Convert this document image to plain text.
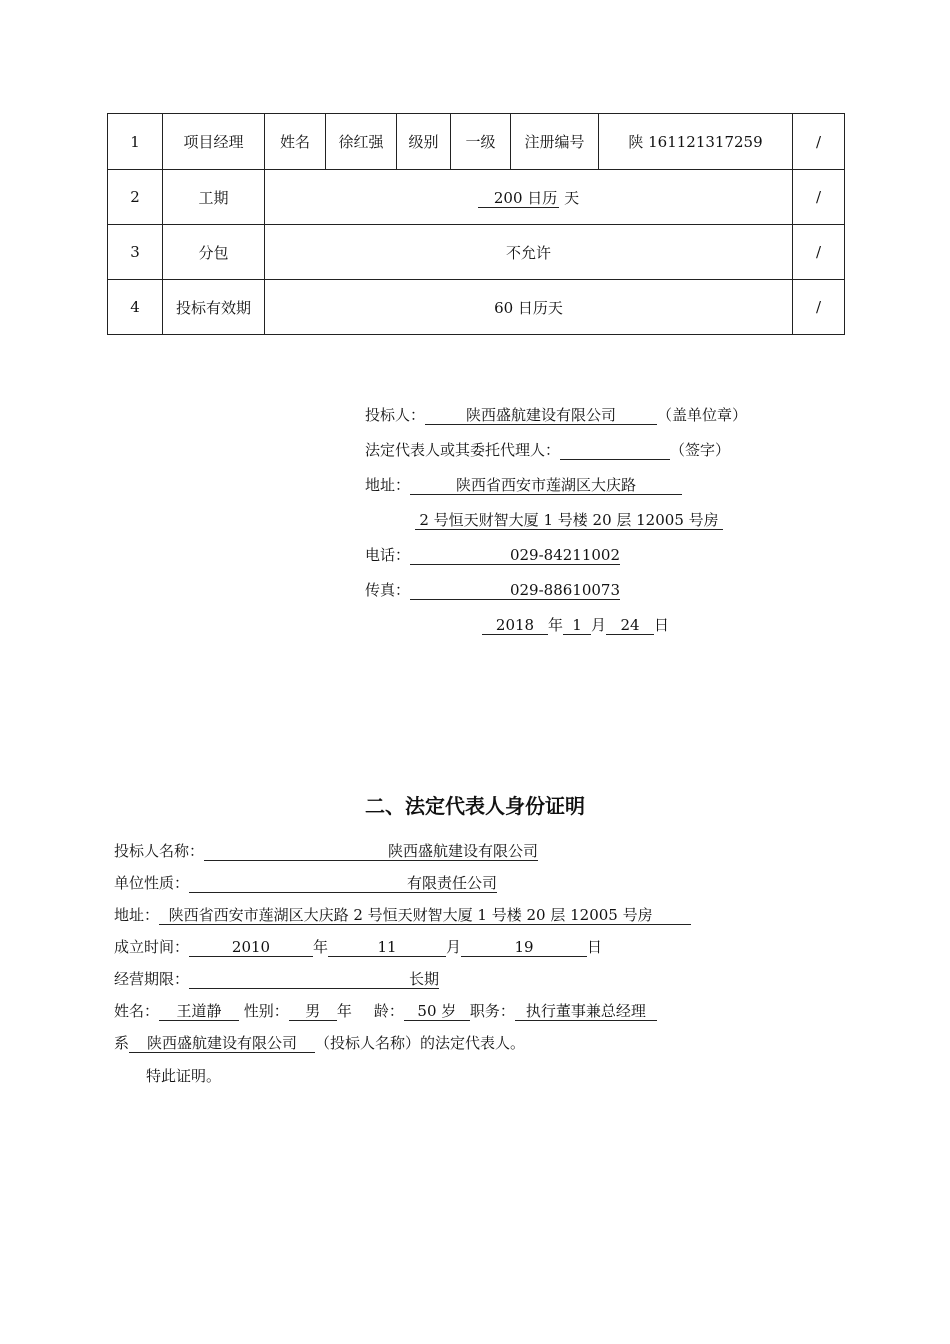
1	项目经理	姓名	徐红强	级别	一级	注册编号	陕 161121317259	/
2	工期	200 日历 天						/
3	分包	不允许						/
4	投标有效期	60 日历天						/
投标人：	陕西盛航建设有限公司	（盖单位章）
法定代表人或其委托代理人：	（签字）
地址：	陕西省西安市莲湖区大庆路
2 号恒天财智大厦 1 号楼 20 层 12005 号房
电话：	029-84211002
传真：	029-88610073
2018 年 1 月 24 日
二、法定代表人身份证明
投标人名称：	陕西盛航建设有限公司
单位性质：	有限责任公司
地址： 陕西省西安市莲湖区大庆路 2 号恒天财智大厦 1 号楼 20 层 12005 号房
成立时间：	2010	年	11	月	19	日
经营期限：	长期
姓名： 王道静 性别： 男 年 龄： 50 岁 职务： 执行董事兼总经理
系 陕西盛航建设有限公司 （投标人名称）的法定代表人。
特此证明。
